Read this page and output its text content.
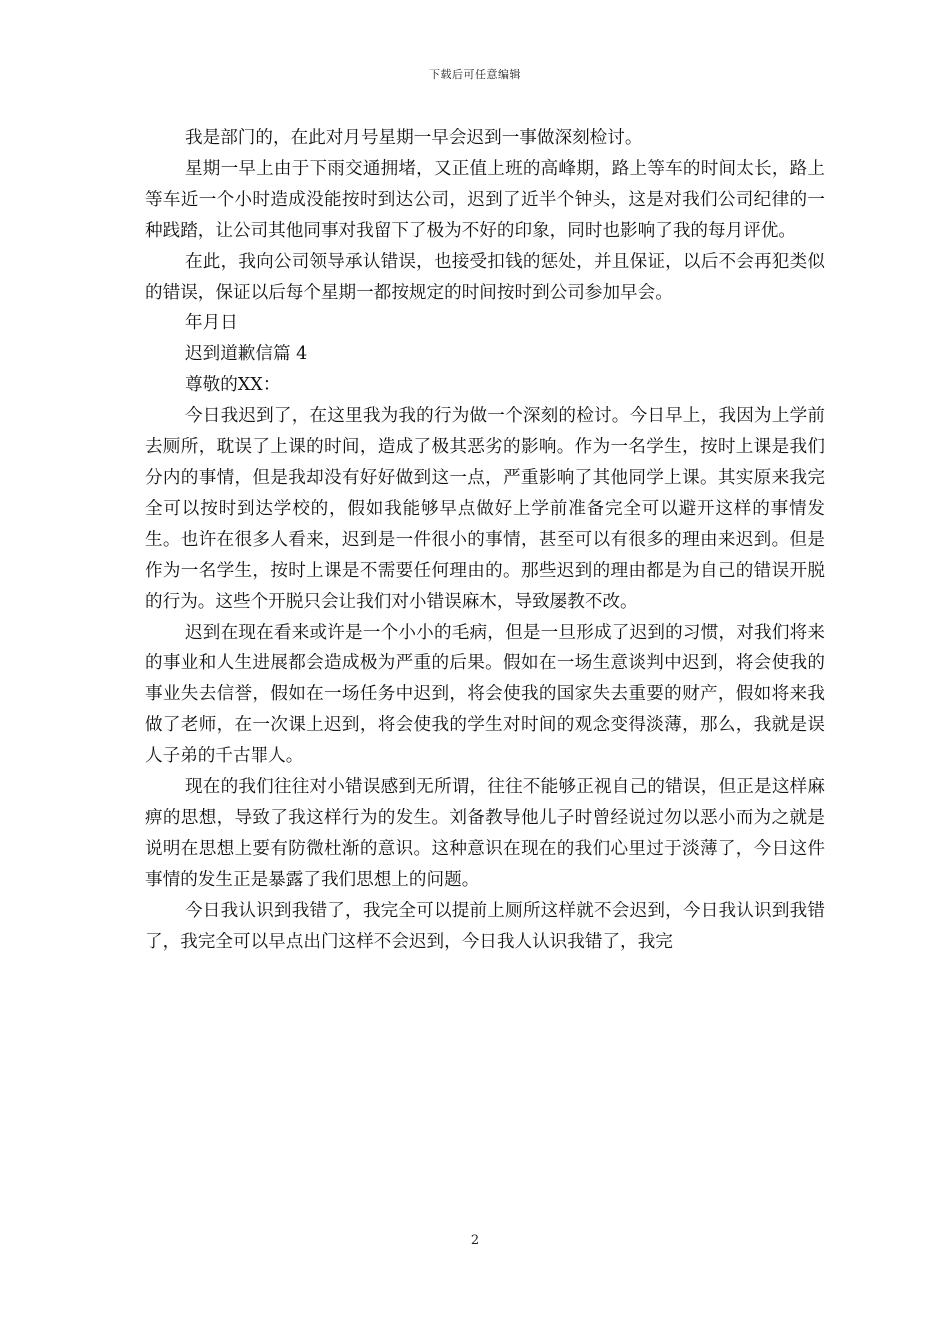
下载后可任意编辑

我是部门的，在此对月号星期一早会迟到一事做深刻检讨。

星期一早上由于下雨交通拥堵，又正值上班的高峰期，路上等车的时间太长，路上等车近一个小时造成没能按时到达公司，迟到了近半个钟头，这是对我们公司纪律的一种践踏，让公司其他同事对我留下了极为不好的印象，同时也影响了我的每月评优。

在此，我向公司领导承认错误，也接受扣钱的惩处，并且保证，以后不会再犯类似的错误，保证以后每个星期一都按规定的时间按时到公司参加早会。

年月日

迟到道歉信篇 4

尊敬的XX：

今日我迟到了，在这里我为我的行为做一个深刻的检讨。今日早上，我因为上学前去厕所，耽误了上课的时间，造成了极其恶劣的影响。作为一名学生，按时上课是我们分内的事情，但是我却没有好好做到这一点，严重影响了其他同学上课。其实原来我完全可以按时到达学校的，假如我能够早点做好上学前准备完全可以避开这样的事情发生。也许在很多人看来，迟到是一件很小的事情，甚至可以有很多的理由来迟到。但是作为一名学生，按时上课是不需要任何理由的。那些迟到的理由都是为自己的错误开脱的行为。这些个开脱只会让我们对小错误麻木，导致屡教不改。

迟到在现在看来或许是一个小小的毛病，但是一旦形成了迟到的习惯，对我们将来的事业和人生进展都会造成极为严重的后果。假如在一场生意谈判中迟到，将会使我的事业失去信誉，假如在一场任务中迟到，将会使我的国家失去重要的财产，假如将来我做了老师，在一次课上迟到，将会使我的学生对时间的观念变得淡薄，那么，我就是误人子弟的千古罪人。

现在的我们往往对小错误感到无所谓，往往不能够正视自己的错误，但正是这样麻痹的思想，导致了我这样行为的发生。刘备教导他儿子时曾经说过勿以恶小而为之就是说明在思想上要有防微杜渐的意识。这种意识在现在的我们心里过于淡薄了，今日这件事情的发生正是暴露了我们思想上的问题。

今日我认识到我错了，我完全可以提前上厕所这样就不会迟到，今日我认识到我错了，我完全可以早点出门这样不会迟到，今日我人认识我错了，我完

2
